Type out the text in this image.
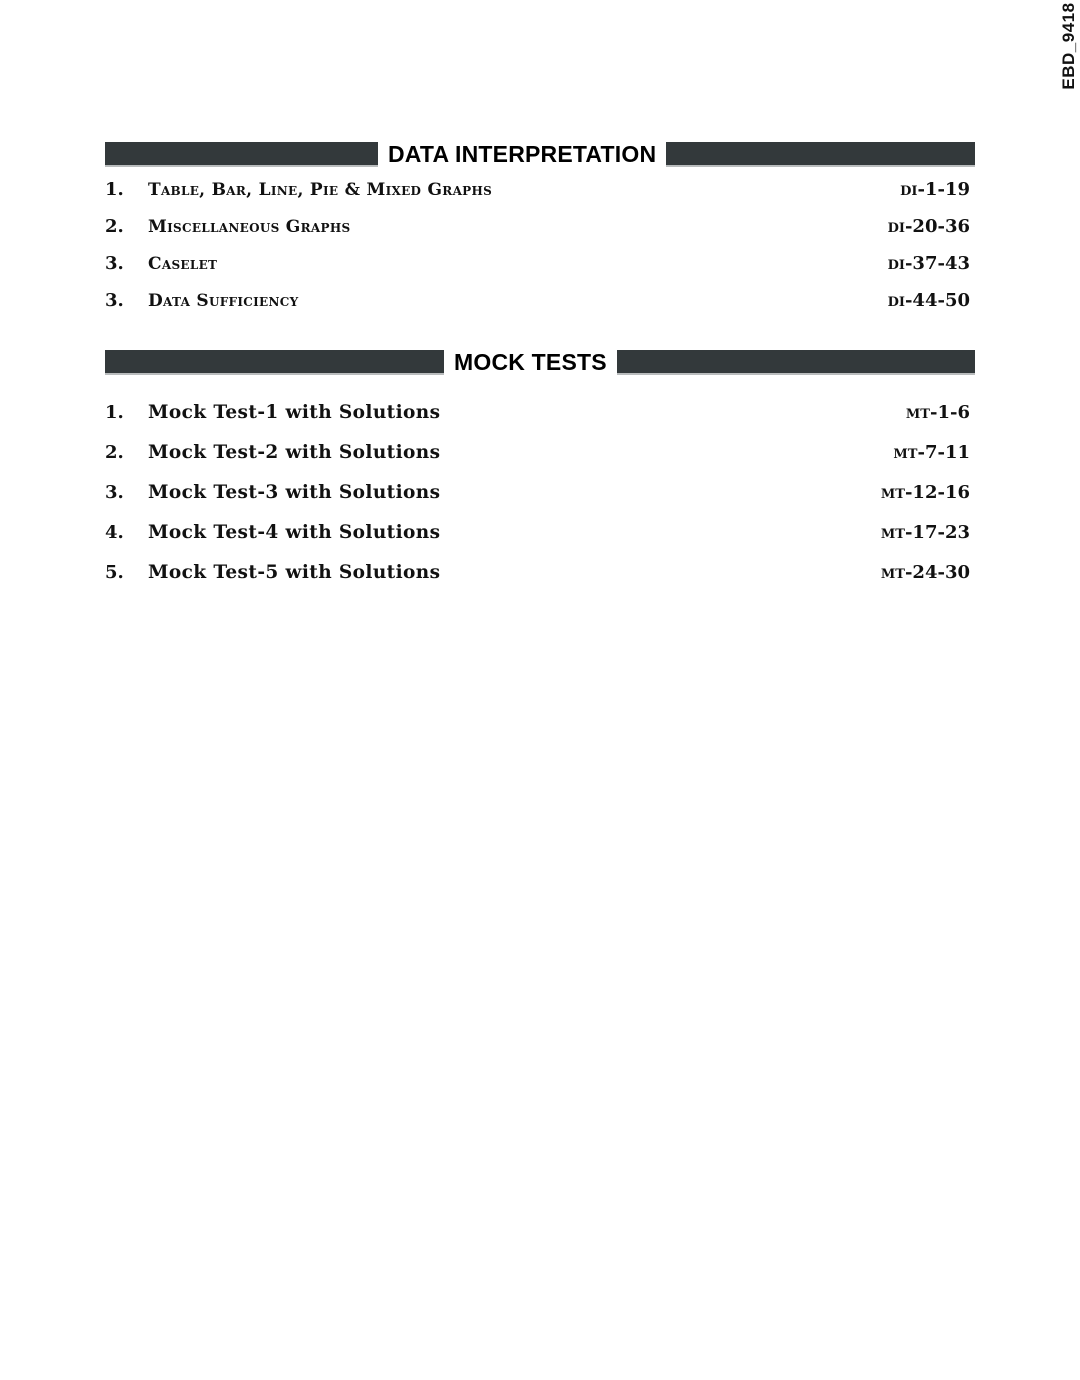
EBD_9418
DATA INTERPRETATION
1.	Table, Bar, Line, Pie & Mixed Graphs	di-1-19
2.	Miscellaneous Graphs	di-20-36
3.	Caselet	di-37-43
3.	Data Sufficiency	di-44-50
MOCK TESTS
1.	Mock Test-1 with Solutions	mt-1-6
2.	Mock Test-2 with Solutions	mt-7-11
3.	Mock Test-3 with Solutions	mt-12-16
4.	Mock Test-4 with Solutions	mt-17-23
5.	Mock Test-5 with Solutions	mt-24-30
